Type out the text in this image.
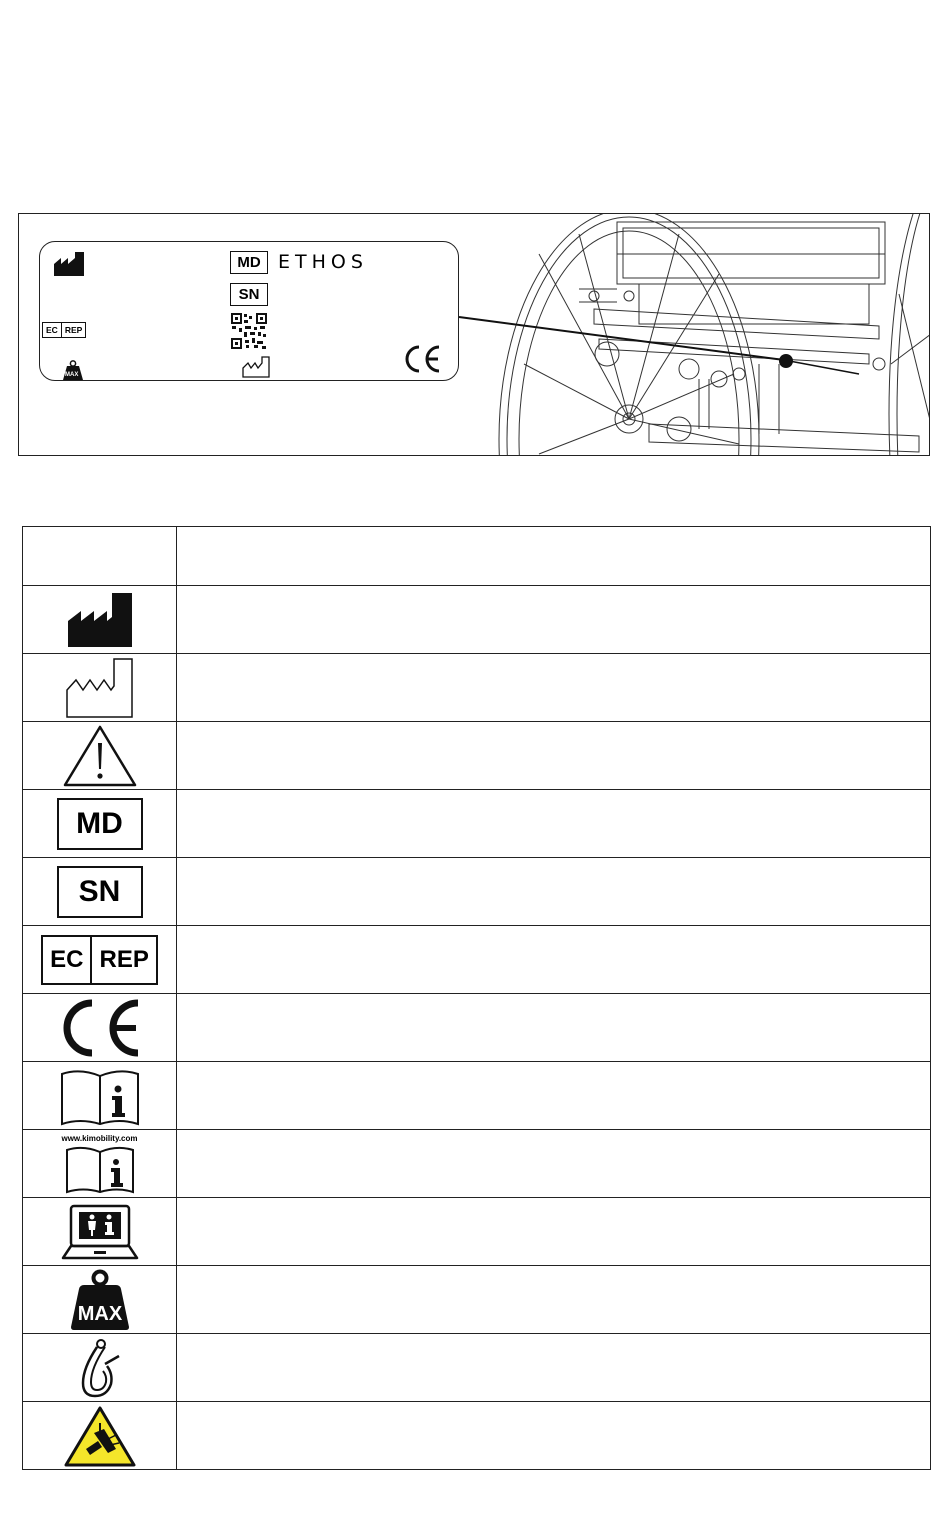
EC REP
MAX
MD ETHOS
SN

MD	

SN	

EC REP	

www.kimobility.com	

MAX	
